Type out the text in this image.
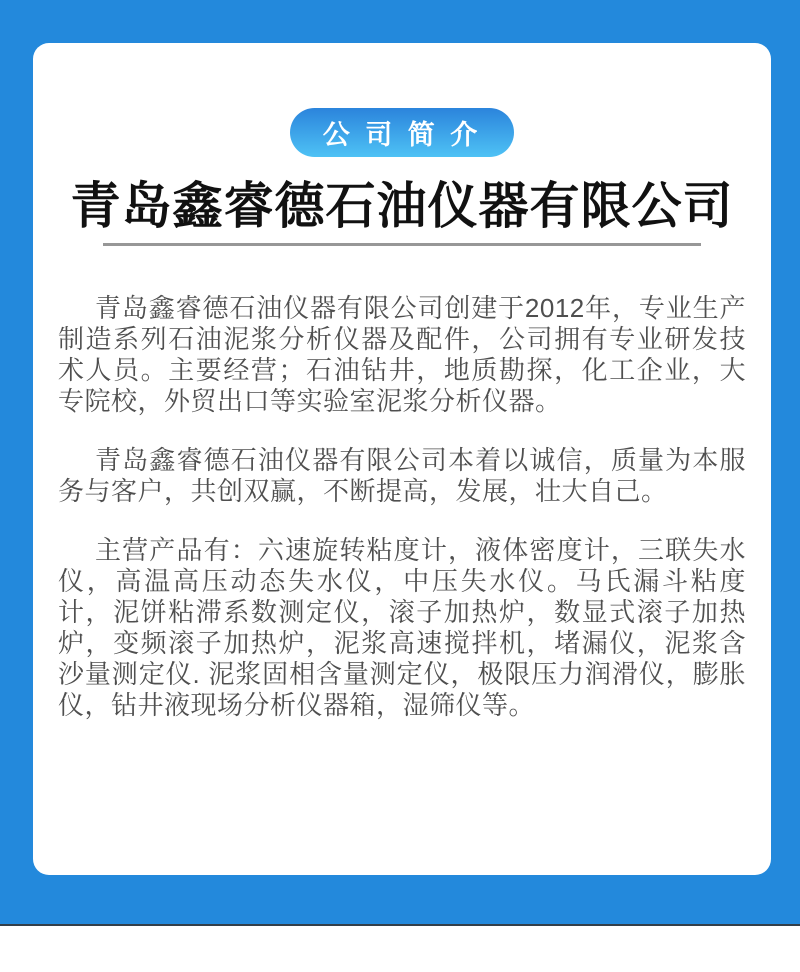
公 司 简 介
青岛鑫睿德石油仪器有限公司

青岛鑫睿德石油仪器有限公司创建于2012年，专业生产制造系列石油泥浆分析仪器及配件，公司拥有专业研发技术人员。主要经营；石油钻井，地质勘探，化工企业，大专院校，外贸出口等实验室泥浆分析仪器。

青岛鑫睿德石油仪器有限公司本着以诚信，质量为本服务与客户，共创双赢，不断提高，发展，壮大自己。

主营产品有：六速旋转粘度计，液体密度计，三联失水仪，高温高压动态失水仪，中压失水仪。马氏漏斗粘度计，泥饼粘滞系数测定仪，滚子加热炉，数显式滚子加热炉，变频滚子加热炉，泥浆高速搅拌机，堵漏仪，泥浆含沙量测定仪. 泥浆固相含量测定仪，极限压力润滑仪，膨胀仪，钻井液现场分析仪器箱，湿筛仪等。
